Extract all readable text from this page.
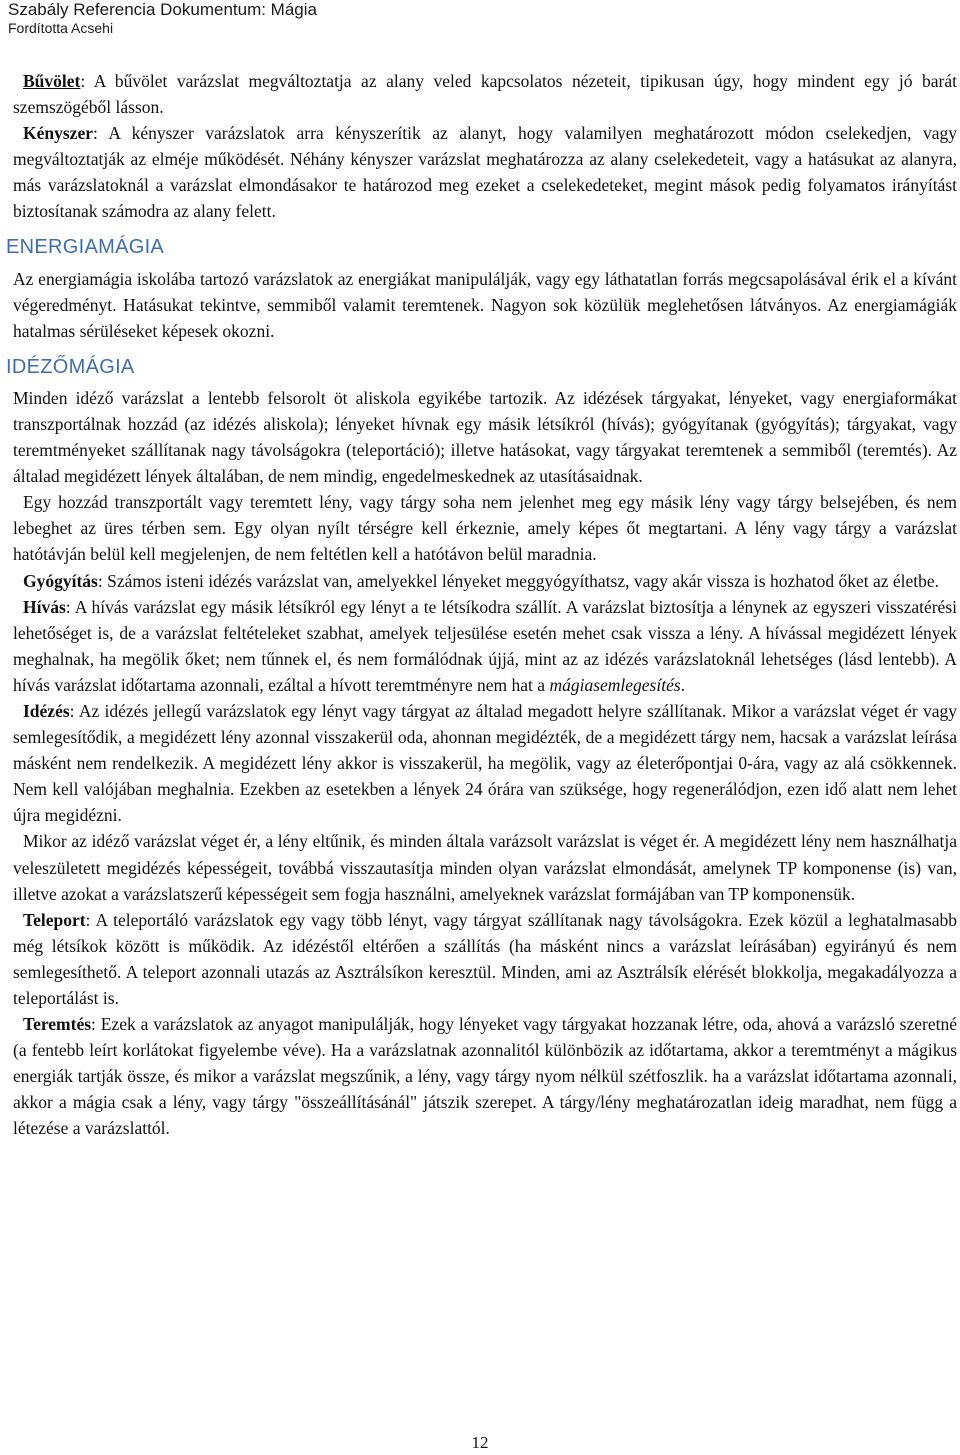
Szabály Referencia Dokumentum: Mágia
Fordította Acsehi

Bűvölet: A bűvölet varázslat megváltoztatja az alany veled kapcsolatos nézeteit, tipikusan úgy, hogy mindent egy jó barát szemszögéből lásson.

Kényszer: A kényszer varázslatok arra kényszerítik az alanyt, hogy valamilyen meghatározott módon cselekedjen, vagy megváltoztatják az elméje működését. Néhány kényszer varázslat meghatározza az alany cselekedeteit, vagy a hatásukat az alanyra, más varázslatoknál a varázslat elmondásakor te határozod meg ezeket a cselekedeteket, megint mások pedig folyamatos irányítást biztosítanak számodra az alany felett.

ENERGIAMÁGIA

Az energiamágia iskolába tartozó varázslatok az energiákat manipulálják, vagy egy láthatatlan forrás megcsapolásával érik el a kívánt végeredményt. Hatásukat tekintve, semmiből valamit teremtenek. Nagyon sok közülük meglehetősen látványos. Az energiamágiák hatalmas sérüléseket képesek okozni.

IDÉZŐMÁGIA

Minden idéző varázslat a lentebb felsorolt öt aliskola egyikébe tartozik. Az idézések tárgyakat, lényeket, vagy energiaformákat transzportálnak hozzád (az idézés aliskola); lényeket hívnak egy másik létsíkról (hívás); gyógyítanak (gyógyítás); tárgyakat, vagy teremtményeket szállítanak nagy távolságokra (teleportáció); illetve hatásokat, vagy tárgyakat teremtenek a semmiből (teremtés). Az általad megidézett lények általában, de nem mindig, engedelmeskednek az utasításaidnak.

Egy hozzád transzportált vagy teremtett lény, vagy tárgy soha nem jelenhet meg egy másik lény vagy tárgy belsejében, és nem lebeghet az üres térben sem. Egy olyan nyílt térségre kell érkeznie, amely képes őt megtartani. A lény vagy tárgy a varázslat hatótávján belül kell megjelenjen, de nem feltétlen kell a hatótávon belül maradnia.

Gyógyítás: Számos isteni idézés varázslat van, amelyekkel lényeket meggyógyíthatsz, vagy akár vissza is hozhatod őket az életbe.

Hívás: A hívás varázslat egy másik létsíkról egy lényt a te létsíkodra szállít. A varázslat biztosítja a lénynek az egyszeri visszatérési lehetőséget is, de a varázslat feltételeket szabhat, amelyek teljesülése esetén mehet csak vissza a lény. A hívással megidézett lények meghalnak, ha megölik őket; nem tűnnek el, és nem formálódnak újjá, mint az az idézés varázslatoknál lehetséges (lásd lentebb). A hívás varázslat időtartama azonnali, ezáltal a hívott teremtményre nem hat a mágiasemlegesítés.

Idézés: Az idézés jellegű varázslatok egy lényt vagy tárgyat az általad megadott helyre szállítanak. Mikor a varázslat véget ér vagy semlegesítődik, a megidézett lény azonnal visszakerül oda, ahonnan megidézték, de a megidézett tárgy nem, hacsak a varázslat leírása másként nem rendelkezik. A megidézett lény akkor is visszakerül, ha megölik, vagy az életerőpontjai 0-ára, vagy az alá csökkennek. Nem kell valójában meghalnia. Ezekben az esetekben a lények 24 órára van szüksége, hogy regenerálódjon, ezen idő alatt nem lehet újra megidézni.

Mikor az idéző varázslat véget ér, a lény eltűnik, és minden általa varázsolt varázslat is véget ér. A megidézett lény nem használhatja veleszületett megidézés képességeit, továbbá visszautasítja minden olyan varázslat elmondását, amelynek TP komponense (is) van, illetve azokat a varázslatszerű képességeit sem fogja használni, amelyeknek varázslat formájában van TP komponensük.

Teleport: A teleportáló varázslatok egy vagy több lényt, vagy tárgyat szállítanak nagy távolságokra. Ezek közül a leghatalmasabb még létsíkok között is működik. Az idézéstől eltérően a szállítás (ha másként nincs a varázslat leírásában) egyirányú és nem semlegesíthető. A teleport azonnali utazás az Asztrálsíkon keresztül. Minden, ami az Asztrálsík elérését blokkolja, megakadályozza a teleportálást is.

Teremtés: Ezek a varázslatok az anyagot manipulálják, hogy lényeket vagy tárgyakat hozzanak létre, oda, ahová a varázsló szeretné (a fentebb leírt korlátokat figyelembe véve). Ha a varázslatnak azonnalitól különbözik az időtartama, akkor a teremtményt a mágikus energiák tartják össze, és mikor a varázslat megszűnik, a lény, vagy tárgy nyom nélkül szétfoszlik. ha a varázslat időtartama azonnali, akkor a mágia csak a lény, vagy tárgy "összeállításánál" játszik szerepet. A tárgy/lény meghatározatlan ideig maradhat, nem függ a létezése a varázslattól.

12
